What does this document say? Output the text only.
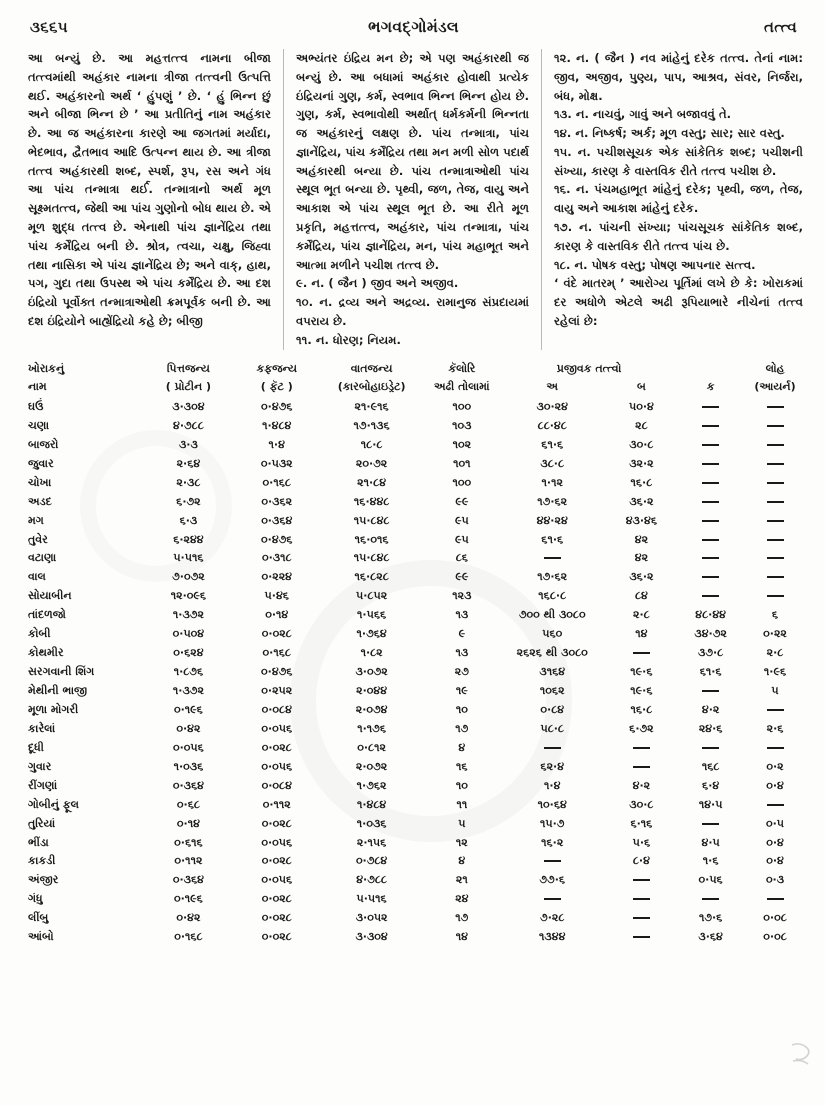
૩૬૬૫	ભગવદ્ગોમંડલ	તત્ત્વ

આ બન્યું છે. આ મહત્તત્ત્વ નામના બીજા તત્ત્વમાંથી અહંકાર નામના ત્રીજા તત્ત્વની ઉત્પત્તિ થઈ. અહંકારનો અર્થ ‘ હુંપણું ’ છે. ‘ હું ભિન્ન છું અને બીજા ભિન્ન છે ’ આ પ્રતીતિનું નામ અહંકાર છે. આ જ અહંકારના કારણે આ જગતમાં મર્યાદા, ભેદભાવ, દ્વૈતભાવ આદિ ઉત્પન્ન થાય છે. આ ત્રીજા તત્ત્વ અહંકારથી શબ્દ, સ્પર્શ, રૂપ, રસ અને ગંધ આ પાંચ તન્માત્રા થર્ઈ. તન્માત્રાનો અર્થ મૂળ સૂક્ષ્મતત્ત્વ, જેથી આ પાંચ ગુણોનો બોધ થાય છે. એ મૂળ શુદ્ધ તત્ત્વ છે. એનાથી પાંચ જ્ઞાનેંદ્રિય તથા પાંચ કર્મેંદ્રિય બની છે. શ્રોત્ર, ત્વચા, ચક્ષુ, જિહ્વા તથા નાસિકા એ પાંચ જ્ઞાનેંદ્રિય છે; અને વાક્, હાથ, પગ, ગુદા તથા ઉપસ્થ એ પાંચ કર્મેંદ્રિય છે. આ દશ ઇંદ્રિયો પૂર્વોક્ત તન્માત્રાઓથી ક્રમપૂર્વક બની છે. આ દશ ઇંદ્રિયોને બાહ્યેંદ્રિયો કહે છે; બીજી

અભ્યંતર ઇંદ્રિય મન છે; એ પણ અહંકારથી જ બન્યું છે. આ બધામાં અહંકાર હોવાથી પ્રત્યેક ઇંદ્રિયનાં ગુણ, કર્મ, સ્વભાવ ભિન્ન ભિન્ન હોય છે. ગુણ, કર્મ, સ્વભાવોથી અર્થાત્ ધર્મકર્મની ભિન્નતા જ અહંકારનું લક્ષણ છે. પાંચ તન્માત્રા, પાંચ જ્ઞાનેંદ્રિય, પાંચ કર્મેંદ્રિય તથા મન મળી સોળ પદાર્થ અહંકારથી બન્યા છે. પાંચ તન્માત્રાઓથી પાંચ સ્થૂલ ભૂત બન્યા છે. પૃથ્વી, જળ, તેજ, વાયુ અને આકાશ એ પાંચ સ્થૂલ ભૂત છે. આ રીતે મૂળ પ્રકૃતિ, મહત્તત્ત્વ, અહંકાર, પાંચ તન્માત્રા, પાંચ કર્મેંદ્રિય, પાંચ જ્ઞાનેંદ્રિય, મન, પાંચ મહાભૂત અને આત્મા મળીને પચીશ તત્ત્વ છે.

૯. ન. ( જૈન ) જીવ અને અજીવ.

૧૦. ન. દ્રવ્ય અને અદ્રવ્ય. રામાનુજ સંપ્રદાયમાં વપરાય છે.

૧૧. ન. ધોરણ; નિયમ.

૧૨. ન. ( જૈન ) નવ માંહેનું દરેક તત્ત્વ. તેનાં નામ: જીવ, અજીવ, પુણ્ય, પાપ, આશ્રવ, સંવર, નિર્જરા, બંધ, મોક્ષ.

૧૩. ન. નાચવું, ગાવું અને બજાવવું તે.

૧૪. ન. નિષ્કર્ષ; અર્ક; મૂળ વસ્તુ; સાર; સાર વસ્તુ.

૧૫. ન. પચીશસૂચક એક સાંકેતિક શબ્દ; પચીશની સંખ્યા, કારણ કે વાસ્તવિક રીતે તત્ત્વ પચીશ છે.

૧૬. ન. પંચમહાભૂત માંહેનું દરેક; પૃથ્વી, જળ, તેજ, વાયુ અને આકાશ માંહેનું દરેક.

૧૭. ન. પાંચની સંખ્યા; પાંચસૂચક સાંકેતિક શબ્દ, કારણ કે વાસ્તવિક રીતે તત્ત્વ પાંચ છે.

૧૮. ન. પોષક વસ્તુ; પોષણ આપનાર સત્ત્વ.

‘ વંદે માતરમ્ ’ આરોગ્ય પૂર્તિમાં લખે છે કે: ખોરાકમાં દર અધોળે એટલે અઢી રૂપિયાભારે નીચેનાં તત્ત્વ રહેલાં છે:

ખોરાકનું	પિત્તજન્ય	કફજન્ય	વાતજન્ય	કૅલોરિ	પ્રજીવક તત્ત્વો			લોહ
નામ	( પ્રોટીન )	( ફૅટ )	(કારબોહાઇડ્રેટ)	અઢી તોલામાં	અ	બ	ક	(આયર્ન)
ઘઉં	૩·૩૦૪	૦·૪૭૬	૨૧·૯૧૬	૧૦૦	૩૦·૨૪	૫૦·૪		
ચણા	૪·૭૮૮	૧·૪૮૪	૧૭·૧૩૬	૧૦૩	૮૮·૪૮	૨૮		
બાજરો	૩·૩	૧·૪	૧૮·૮	૧૦૨	૬૧·૬	૩૦·૮		
જુવાર	૨·૬૪	૦·૫૩૨	૨૦·૭૨	૧૦૧	૩૮·૮	૩૨·૨		
ચોખા	૨·૩૮	૦·૧૬૮	૨૧·૮૪	૧૦૦	૧·૧૨	૧૬·૮		
અડદ	૬·૭૨	૦·૩૬૨	૧૬·૪૪૮	૯૯	૧૭·૬૨	૩૬·૨		
મગ	૬·૩	૦·૩૬૪	૧૫·૮૪૮	૯૫	૪૪·૨૪	૪૩·૪૬		
તુવેર	૬·૨૪૪	૦·૪૭૬	૧૬·૦૧૬	૯૫	૬૧·૬	૪૨		
વટાણા	૫·૫૧૬	૦·૩૧૮	૧૫·૮૪૮	૮૬		૪૨		
વાલ	૭·૦૭૨	૦·૨૨૪	૧૬·૮૨૮	૯૯	૧૭·૬૨	૩૬·૨		
સોયાબીન	૧૨·૦૯૬	૫·૪૬	૫·૮૫૨	૧૨૩	૧૬૮·૮	૮૪		
તાંદળજો	૧·૩૭૨	૦·૧૪	૧·૫૬૬	૧૩	૭૦૦ થી ૩૦૮૦	૨·૮	૪૮·૪૪	૬
કોબી	૦·૫૦૪	૦·૦૨૮	૧·૭૬૪	૯	૫૬૦	૧૪	૩૪·૭૨	૦·૨૨
કોથમીર	૦·૬૨૪	૦·૧૬૮	૧·૮૨	૧૩	૨૬૨૬ થી ૩૦૮૦		૩૭·૮	૨·૮
સરગવાની શિંગ	૧·૮૭૬	૦·૪૭૬	૩·૦૭૨	૨૭	૩૧૬૪	૧૯·૬	૬૧·૬	૧·૯૬
મેથીની ભાજી	૧·૩૭૨	૦·૨૫૨	૨·૦૪૪	૧૯	૧૦૬૨	૧૯·૬		૫
મૂળા મોગરી	૦·૧૯૬	૦·૦૮૪	૨·૦૭૪	૧૦	૦·૮૪	૧૬·૮	૪·૨	
કારેલાં	૦·૪૨	૦·૦૫૬	૧·૧૭૬	૧૭	૫૮·૮	૬·૭૨	૨૪·૬	૨·૬
દૂધી	૦·૦૫૬	૦·૦૨૮	૦·૮૧૨	૪				
ગુવાર	૧·૦૩૬	૦·૦૫૬	૨·૦૭૨	૧૬	૬૨·૪		૧૬૮	૦·૨
રીંગણાં	૦·૩૬૪	૦·૦૮૪	૧·૭૬૨	૧૦	૧·૪	૪·૨	૬·૪	૦·૪
ગોબીનું ફૂલ	૦·૬૮	૦·૧૧૨	૧·૪૮૪	૧૧	૧૦·૬૪	૩૦·૮	૧૪·૫	
તુરિયાં	૦·૧૪	૦·૦૨૮	૧·૦૩૬	૫	૧૫·૭	૬·૧૬		૦·૫
ભીંડા	૦·૬૧૬	૦·૦૫૬	૨·૧૫૬	૧૨	૧૬·૨	૫·૬	૪·૫	૦·૪
કાકડી	૦·૧૧૨	૦·૦૨૮	૦·૭૮૪	૪		૮·૪	૧·૬	૦·૪
અંજીર	૦·૩૬૪	૦·૦૫૬	૪·૭૮૮	૨૧	૭૭·૬		૦·૫૬	૦·૩
ગંધુ	૦·૧૯૬	૦·૦૨૮	૫·૫૧૬	૨૪				
લીંબુ	૦·૪૨	૦·૦૨૮	૩·૦૫૨	૧૭	૭·૨૮		૧૭·૬	૦·૦૮
આંબો	૦·૧૬૮	૦·૦૨૮	૩·૩૦૪	૧૪	૧૩૪૪		૩·૬૪	૦·૦૮
